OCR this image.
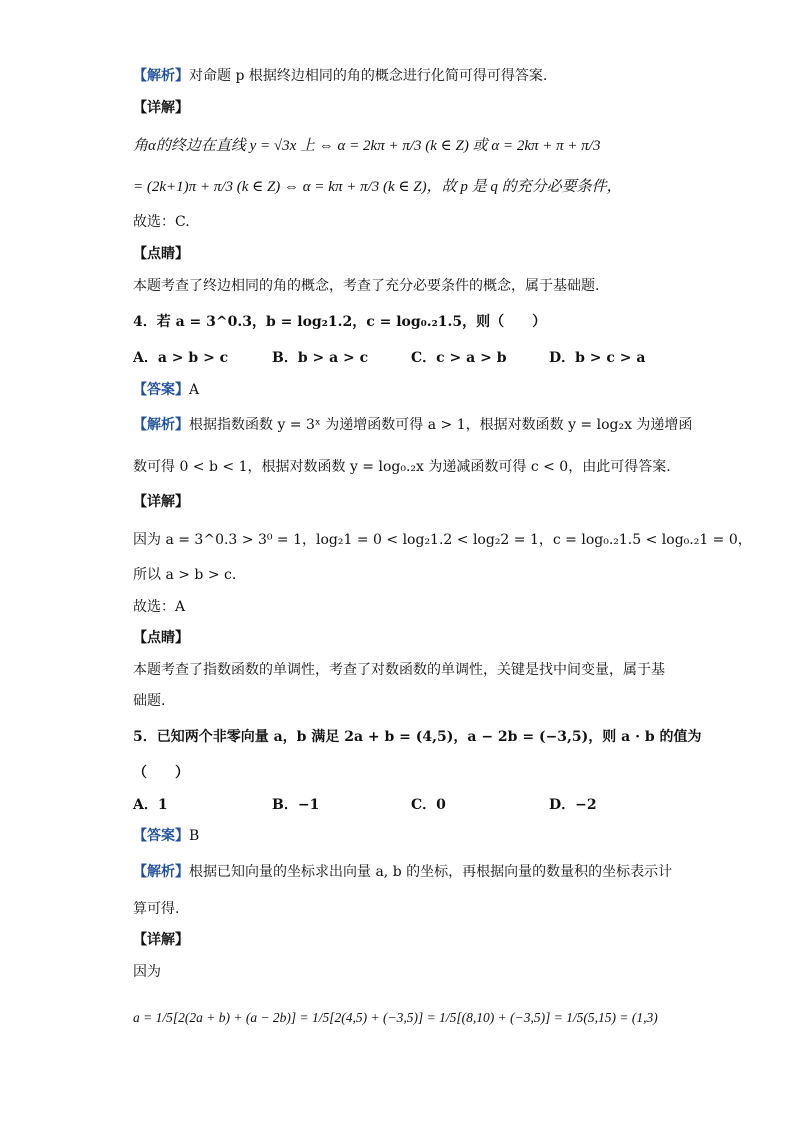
【解析】对命题 p 根据终边相同的角的概念进行化简可得可得答案.
【详解】
角α的终边在直线 y = √3x 上 ⇔ α = 2kπ + π/3 (k ∈ Z) 或 α = 2kπ + π + π/3
= (2k+1)π + π/3 (k ∈ Z) ⇔ α = kπ + π/3 (k ∈ Z)，故 p 是 q 的充分必要条件，
故选：C.
【点睛】
本题考查了终边相同的角的概念，考查了充分必要条件的概念，属于基础题.
4．若 a = 3^0.3，b = log₂1.2，c = log₀.₂1.5，则（　　）
A．a > b > c	B．b > a > c	C．c > a > b	D．b > c > a
【答案】A
【解析】根据指数函数 y = 3ˣ 为递增函数可得 a > 1，根据对数函数 y = log₂x 为递增函
数可得 0 < b < 1，根据对数函数 y = log₀.₂x 为递减函数可得 c < 0，由此可得答案.
【详解】
因为 a = 3^0.3 > 3⁰ = 1，log₂1 = 0 < log₂1.2 < log₂2 = 1，c = log₀.₂1.5 < log₀.₂1 = 0，
所以 a > b > c.
故选：A
【点睛】
本题考查了指数函数的单调性，考查了对数函数的单调性，关键是找中间变量，属于基
础题.
5．已知两个非零向量 a，b 满足 2a + b = (4,5)，a − 2b = (−3,5)，则 a · b 的值为
（　　）
A．1	B．−1	C．0	D．−2
【答案】B
【解析】根据已知向量的坐标求出向量 a, b 的坐标，再根据向量的数量积的坐标表示计
算可得.
【详解】
因为
a = 1/5[2(2a + b) + (a − 2b)] = 1/5[2(4,5) + (−3,5)] = 1/5[(8,10) + (−3,5)] = 1/5(5,15) = (1,3)
